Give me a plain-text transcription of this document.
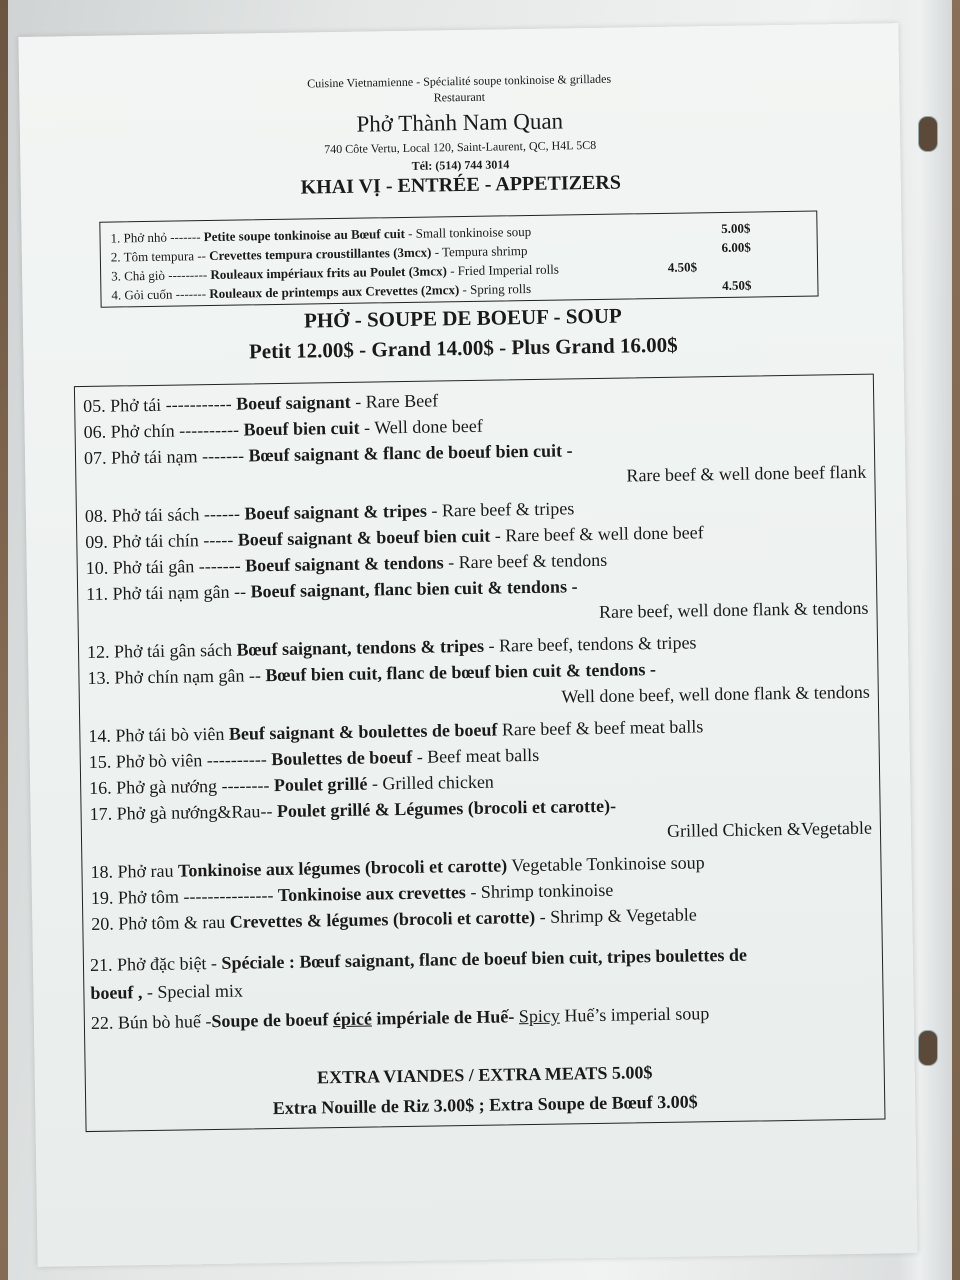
Cuisine Vietnamienne - Spécialité soupe tonkinoise & grillades
Restaurant
Phở Thành Nam Quan
740 Côte Vertu, Local 120, Saint-Laurent, QC, H4L 5C8
Tél: (514) 744 3014
KHAI VỊ - ENTRÉE - APPETIZERS
1. Phở nhỏ ------- Petite soupe tonkinoise au Bœuf cuit - Small tonkinoise soup	5.00$
2. Tôm tempura -- Crevettes tempura croustillantes (3mcx) - Tempura shrimp	6.00$
3. Chả giò --------- Rouleaux impériaux frits au Poulet (3mcx) - Fried Imperial rolls	4.50$
4. Gỏi cuốn ------- Rouleaux de printemps aux Crevettes (2mcx) - Spring rolls	4.50$
PHỞ - SOUPE DE BOEUF - SOUP
Petit 12.00$ - Grand 14.00$ - Plus Grand 16.00$
05. Phở tái ----------- Boeuf saignant - Rare Beef
06. Phở chín ---------- Boeuf bien cuit - Well done beef
07. Phở tái nạm ------- Bœuf saignant & flanc de boeuf bien cuit -
Rare beef & well done beef flank
08. Phở tái sách ------ Boeuf saignant & tripes - Rare beef & tripes
09. Phở tái chín ----- Boeuf saignant & boeuf bien cuit - Rare beef & well done beef
10. Phở tái gân ------- Boeuf saignant & tendons - Rare beef & tendons
11. Phở tái nạm gân -- Boeuf saignant, flanc bien cuit & tendons -
Rare beef, well done flank & tendons
12. Phở tái gân sách Bœuf saignant, tendons & tripes - Rare beef, tendons & tripes
13. Phở chín nạm gân -- Bœuf bien cuit, flanc de bœuf bien cuit & tendons -
Well done beef, well done flank & tendons
14. Phở tái bò viên Beuf saignant & boulettes de boeuf Rare beef & beef meat balls
15. Phở bò viên ---------- Boulettes de boeuf - Beef meat balls
16. Phở gà nướng -------- Poulet grillé - Grilled chicken
17. Phở gà nướng&Rau-- Poulet grillé & Légumes (brocoli et carotte)-
Grilled Chicken &Vegetable
18. Phở rau Tonkinoise aux légumes (brocoli et carotte) Vegetable Tonkinoise soup
19. Phở tôm --------------- Tonkinoise aux crevettes - Shrimp tonkinoise
20. Phở tôm & rau Crevettes & légumes (brocoli et carotte) - Shrimp & Vegetable
21. Phở đặc biệt - Spéciale : Bœuf saignant, flanc de boeuf bien cuit, tripes boulettes de
boeuf , - Special mix
22. Bún bò huế -Soupe de boeuf épicé impériale de Huế- Spicy Huế’s imperial soup
EXTRA VIANDES / EXTRA MEATS 5.00$
Extra Nouille de Riz 3.00$ ; Extra Soupe de Bœuf 3.00$
